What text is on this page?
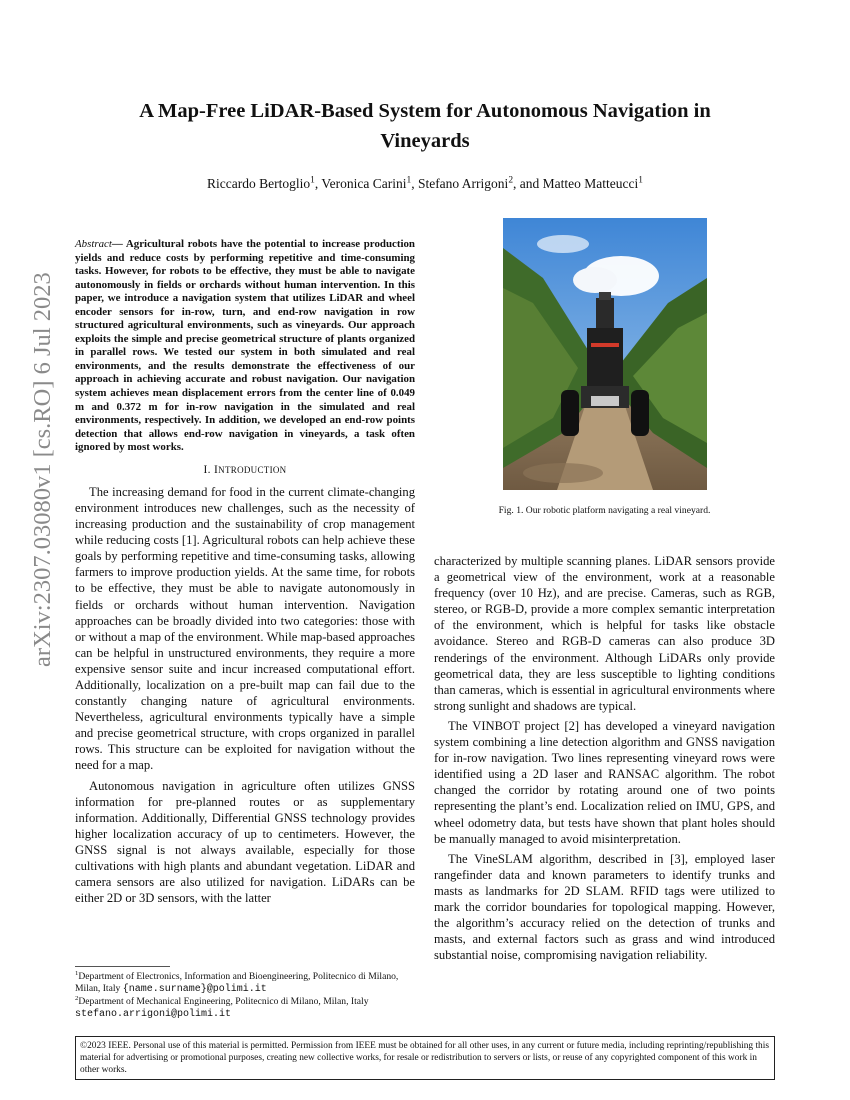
arXiv:2307.03080v1 [cs.RO] 6 Jul 2023
A Map-Free LiDAR-Based System for Autonomous Navigation in Vineyards
Riccardo Bertoglio$^1$, Veronica Carini$^1$, Stefano Arrigoni$^2$, and Matteo Matteucci$^1$
Abstract— Agricultural robots have the potential to increase production yields and reduce costs by performing repetitive and time-consuming tasks. However, for robots to be effective, they must be able to navigate autonomously in fields or orchards without human intervention. In this paper, we introduce a navigation system that utilizes LiDAR and wheel encoder sensors for in-row, turn, and end-row navigation in row structured agricultural environments, such as vineyards. Our approach exploits the simple and precise geometrical structure of plants organized in parallel rows. We tested our system in both simulated and real environments, and the results demonstrate the effectiveness of our approach in achieving accurate and robust navigation. Our navigation system achieves mean displacement errors from the center line of 0.049 m and 0.372 m for in-row navigation in the simulated and real environments, respectively. In addition, we developed an end-row points detection that allows end-row navigation in vineyards, a task often ignored by most works.
I. INTRODUCTION

The increasing demand for food in the current climate-changing environment introduces new challenges, such as the necessity of increasing production and the sustainability of crop management while reducing costs [1]. Agricultural robots can help achieve these goals by performing repetitive and time-consuming tasks, allowing farmers to improve production yields. At the same time, for robots to be effective, they must be able to navigate autonomously in fields or orchards without human intervention. Navigation approaches can be broadly divided into two categories: those with or without a map of the environment. While map-based approaches can be helpful in unstructured environments, they require a more expensive sensor suite and incur increased computational effort. Additionally, localization on a pre-built map can fail due to the constantly changing nature of agricultural environments. Nevertheless, agricultural environments typically have a simple and precise geometrical structure, with crops organized in parallel rows. This structure can be exploited for navigation without the need for a map.

Autonomous navigation in agriculture often utilizes GNSS information for pre-planned routes or as supplementary information. Additionally, Differential GNSS technology provides higher localization accuracy of up to centimeters. However, the GNSS signal is not always available, especially for those cultivations with high plants and abundant vegetation. LiDAR and camera sensors are also utilized for navigation. LiDARs can be either 2D or 3D sensors, with the latter

$^1$Department of Electronics, Information and Bioengineering, Politecnico di Milano, Milan, Italy {name.surname}@polimi.it
$^2$Department of Mechanical Engineering, Politecnico di Milano, Milan, Italy stefano.arrigoni@polimi.it
Fig. 1. Our robotic platform navigating a real vineyard.

characterized by multiple scanning planes. LiDAR sensors provide a geometrical view of the environment, work at a reasonable frequency (over 10 Hz), and are precise. Cameras, such as RGB, stereo, or RGB-D, provide a more complex semantic interpretation of the environment, which is helpful for tasks like obstacle avoidance. Stereo and RGB-D cameras can also produce 3D renderings of the environment. Although LiDARs only provide geometrical data, they are less susceptible to lighting conditions than cameras, which is essential in agricultural environments where strong sunlight and shadows are typical.

The VINBOT project [2] has developed a vineyard navigation system combining a line detection algorithm and GNSS navigation for in-row navigation. Two lines representing vineyard rows were identified using a 2D laser and RANSAC algorithm. The robot changed the corridor by rotating around one of two points representing the plant’s end. Localization relied on IMU, GPS, and wheel odometry data, but tests have shown that plant holes should be manually managed to avoid misinterpretation.

The VineSLAM algorithm, described in [3], employed laser rangefinder data and known parameters to identify trunks and masts as landmarks for 2D SLAM. RFID tags were utilized to mark the corridor boundaries for topological mapping. However, the algorithm’s accuracy relied on the detection of trunks and masts, and external factors such as grass and wind introduced substantial noise, compromising navigation reliability.

©2023 IEEE. Personal use of this material is permitted. Permission from IEEE must be obtained for all other uses, in any current or future media, including reprinting/republishing this material for advertising or promotional purposes, creating new collective works, for resale or redistribution to servers or lists, or reuse of any copyrighted component of this work in other works.
